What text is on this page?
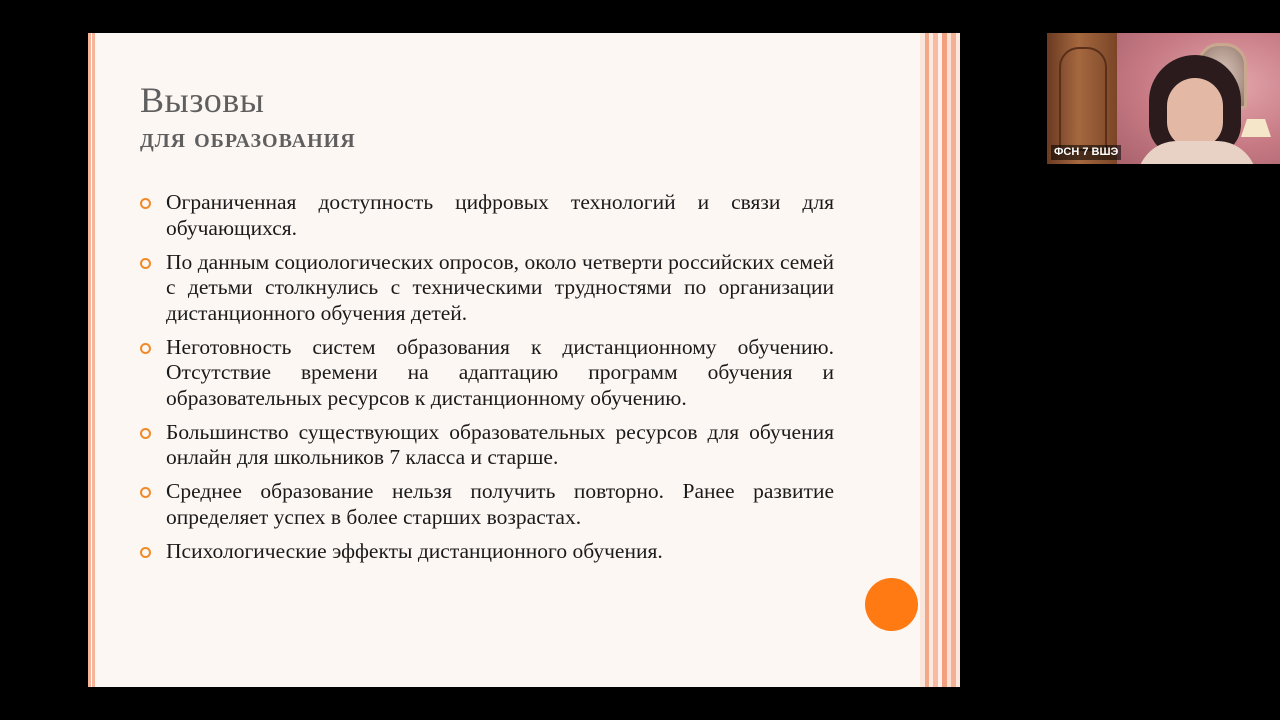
Вызовы
для образования
Ограниченная доступность цифровых технологий и связи для обучающихся.
По данным социологических опросов, около четверти российских семей с детьми столкнулись с техническими трудностями по организации дистанционного обучения детей.
Неготовность систем образования к дистанционному обучению. Отсутствие времени на адаптацию программ обучения и образовательных ресурсов к дистанционному обучению.
Большинство существующих образовательных ресурсов для обучения онлайн для школьников 7 класса и старше.
Среднее образование нельзя получить повторно. Ранее развитие определяет успех в более старших возрастах.
Психологические эффекты дистанционного обучения.
ФСН 7 ВШЭ
